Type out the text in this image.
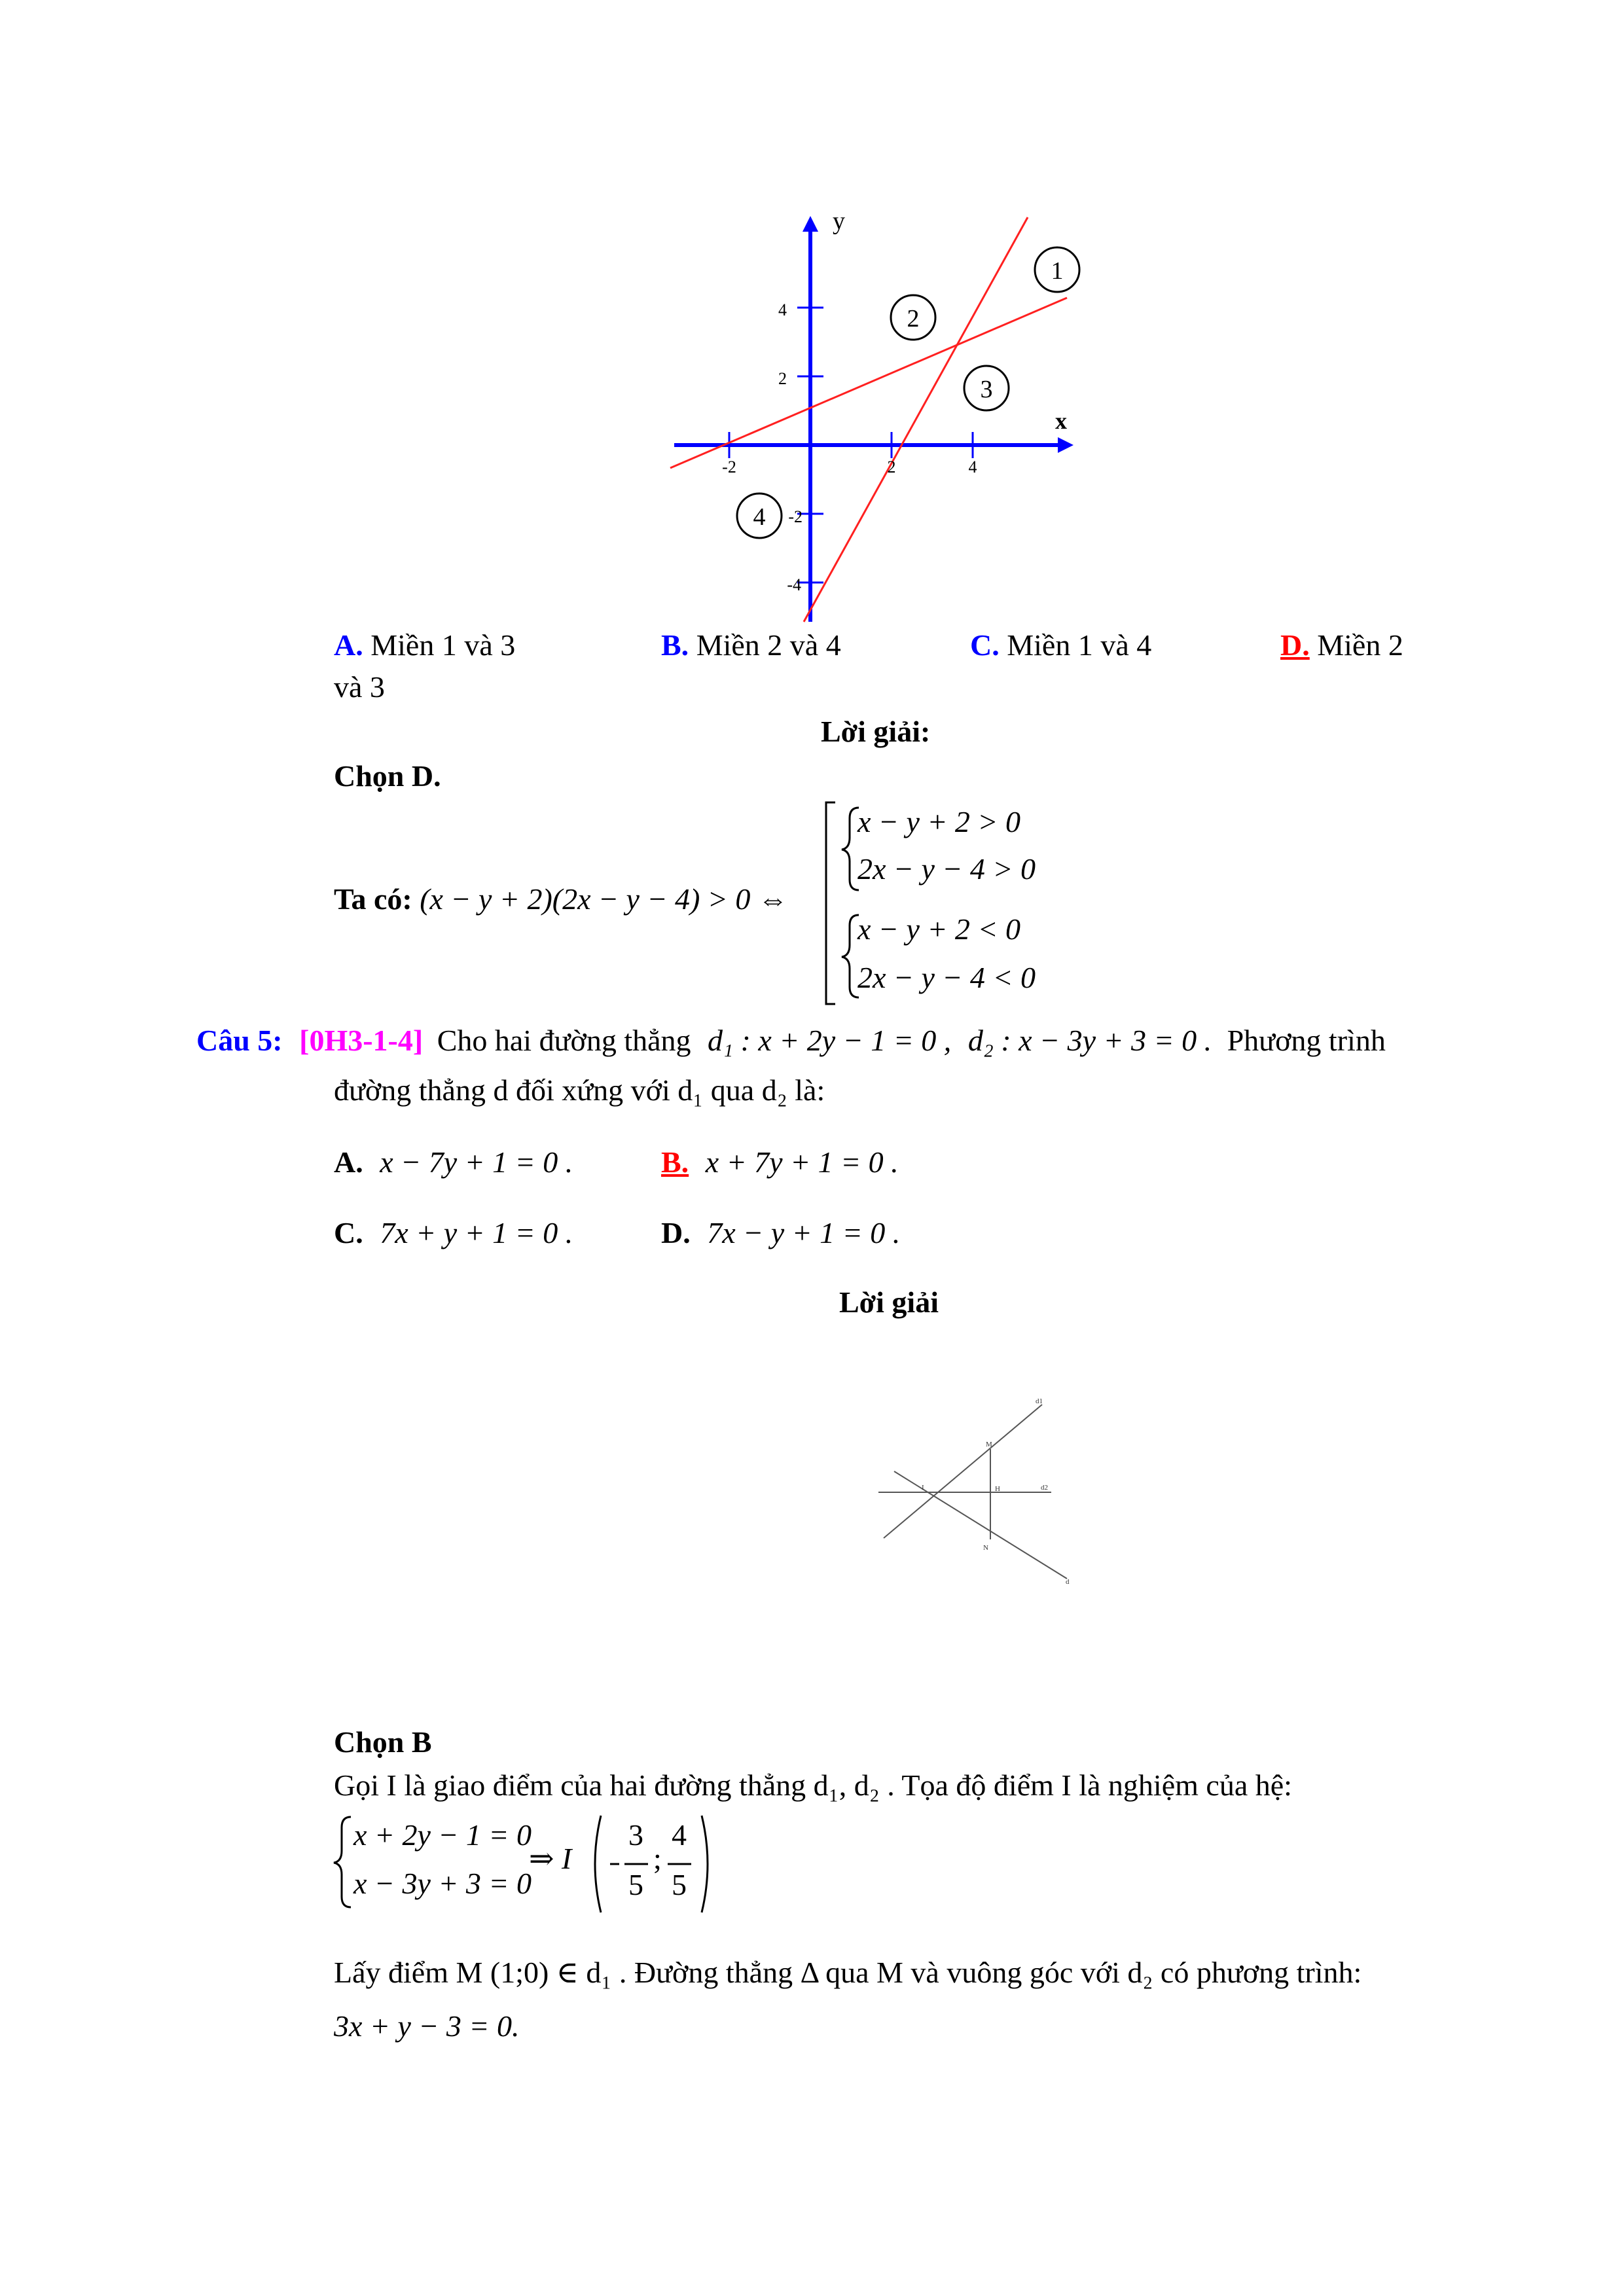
y
x
4
2
-2
-4
-2	2	4
1
2
3
4
A. Miền 1 và 3	B. Miền 2 và 4	C. Miền 1 và 4	D. Miền 2
và 3
Lời giải:
Chọn D.
Ta có: (x − y + 2)(2x − y − 4) > 0 ⇔
x − y + 2 > 0
2x − y − 4 > 0
x − y + 2 < 0
2x − y − 4 < 0
Câu 5: [0H3-1-4] Cho hai đường thẳng d₁ : x + 2y − 1 = 0 , d₂ : x − 3y + 3 = 0 . Phương trình
đường thẳng d đối xứng với d₁ qua d₂ là:
A. x − 7y + 1 = 0 .	B. x + 7y + 1 = 0 .
C. 7x + y + 1 = 0 .	D. 7x − y + 1 = 0 .
Lời giải
d1
M
I	H	d2
N
d
Chọn B
Gọi I là giao điểm của hai đường thẳng d₁, d₂ . Tọa độ điểm I là nghiệm của hệ:
x + 2y − 1 = 0
x − 3y + 3 = 0
⇒ I
3
5
;
4
5
Lấy điểm M (1;0) ∈ d₁ . Đường thẳng Δ qua M và vuông góc với d₂ có phương trình:
3x + y − 3 = 0.
